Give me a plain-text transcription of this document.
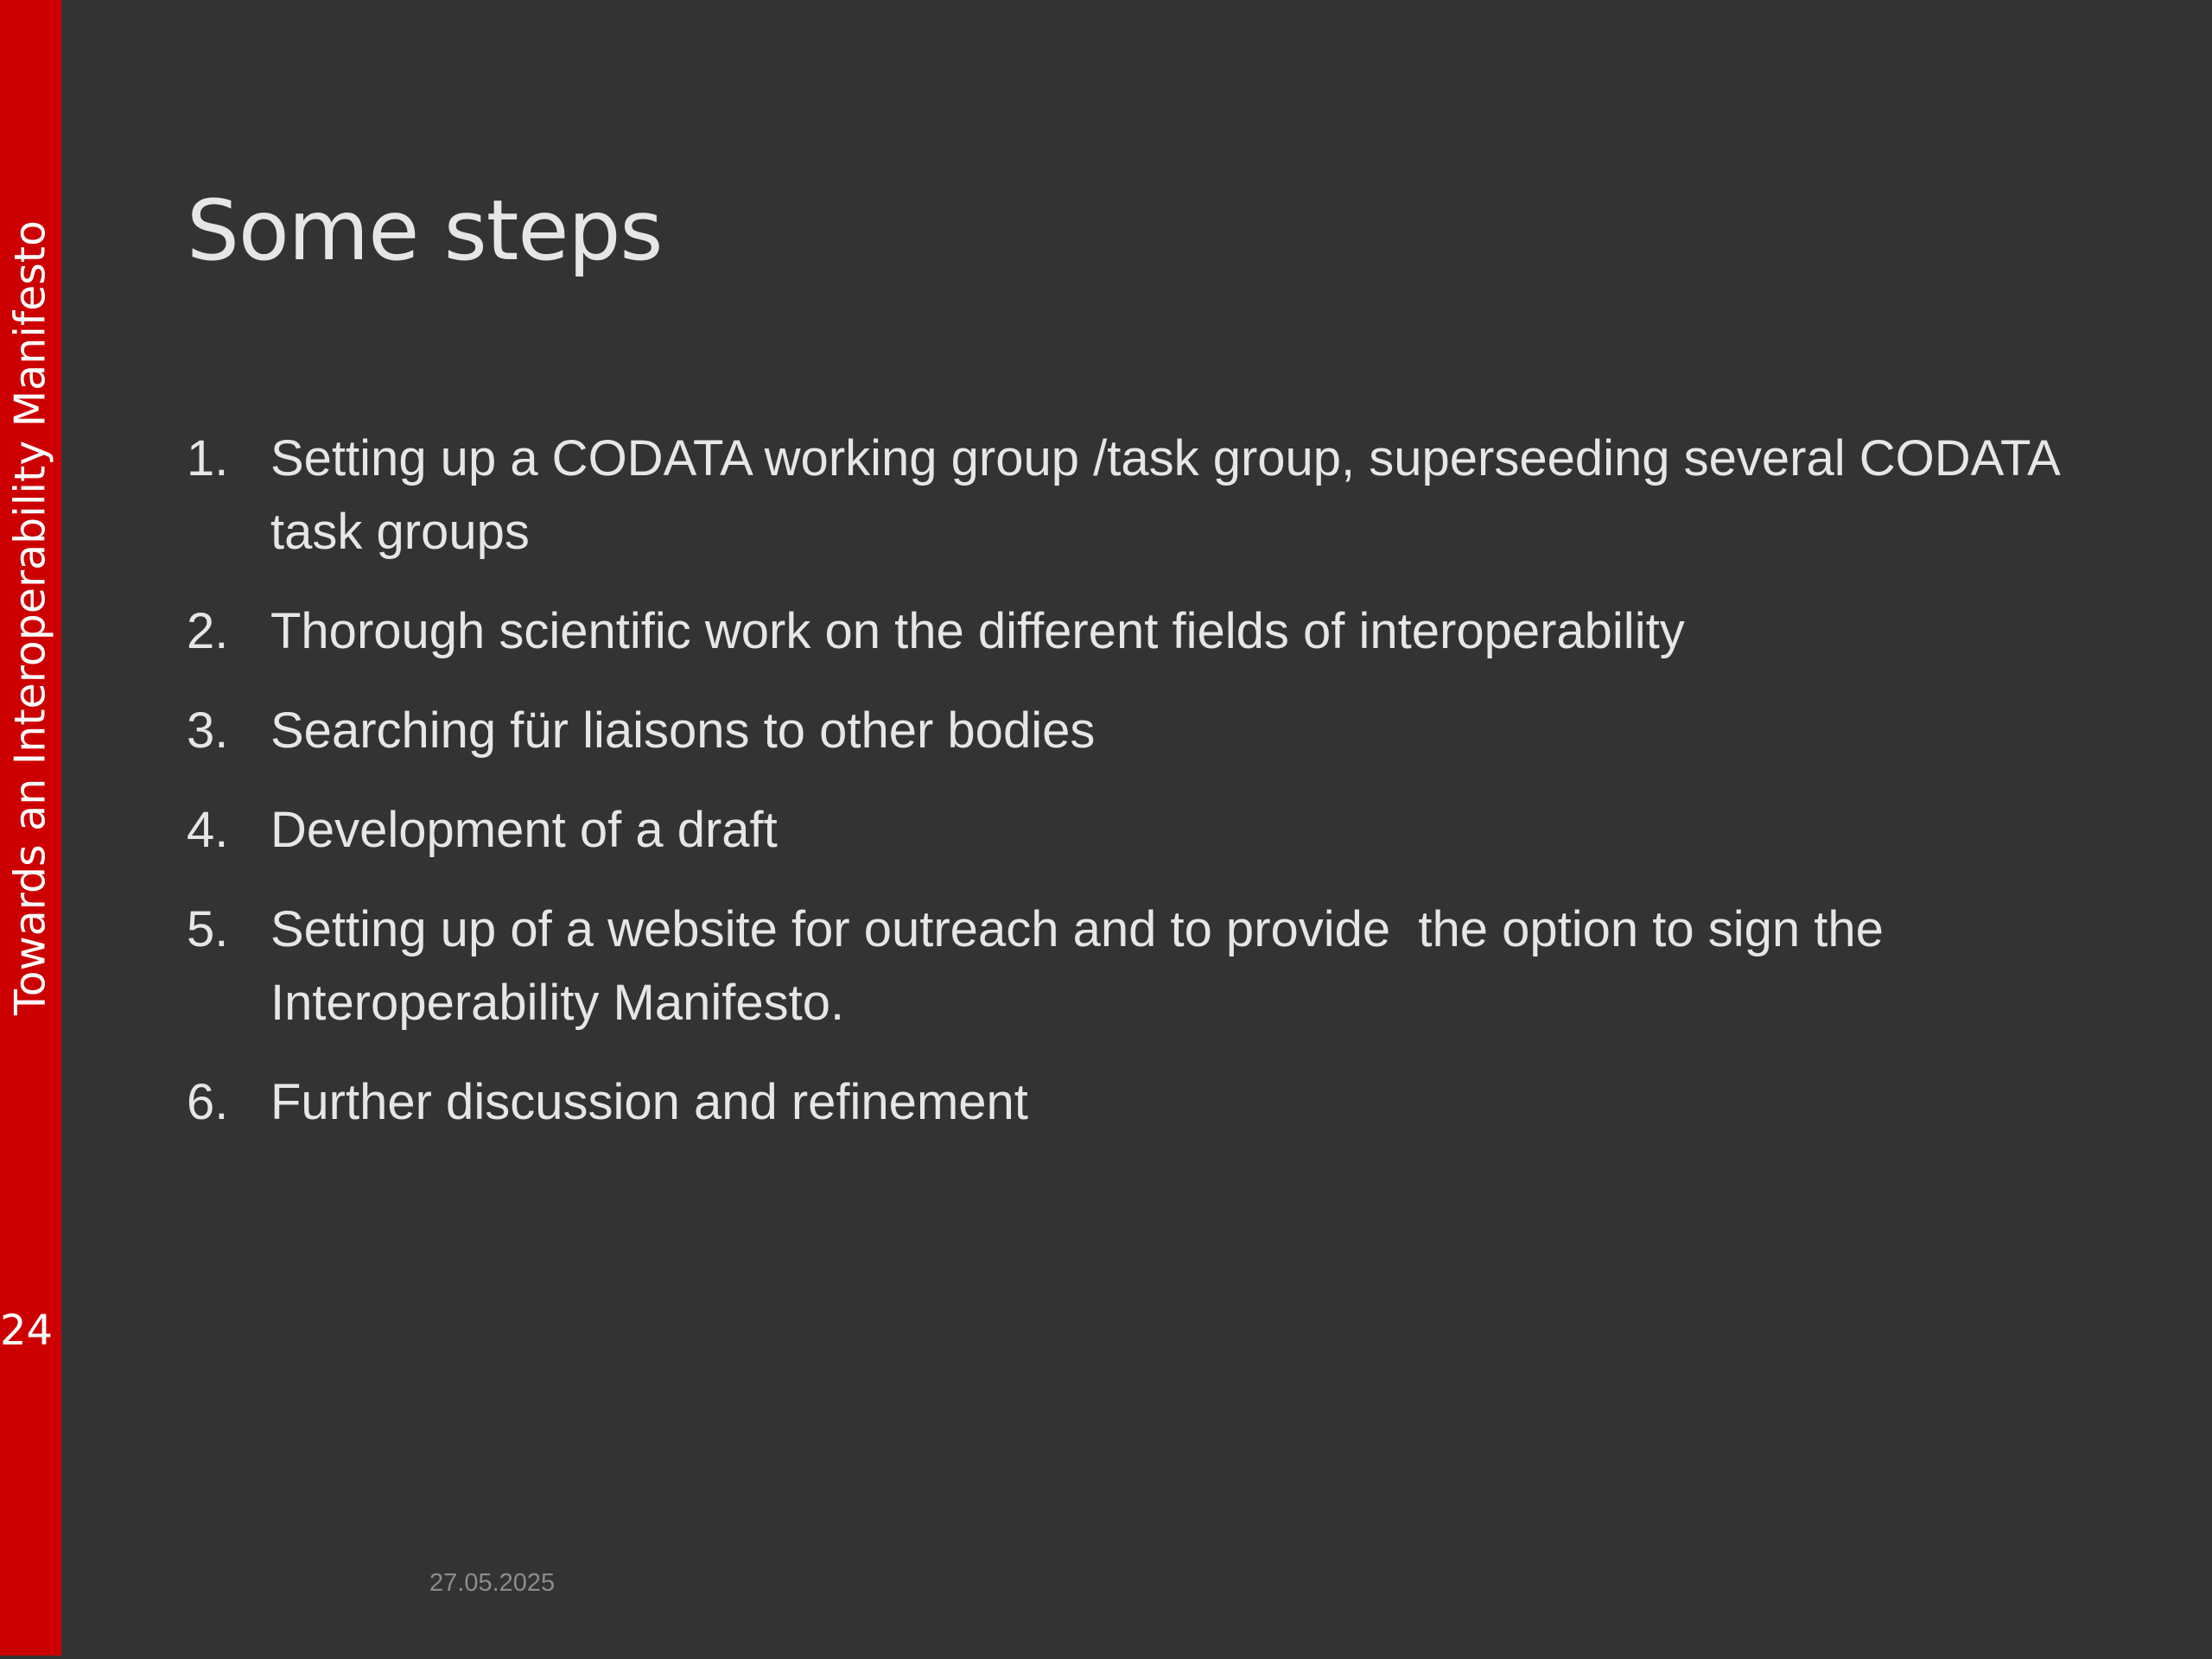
Towards an Interoperability Manifesto
24
Some steps
1. Setting up a CODATA working group /task group, superseeding several CODATA task groups
2. Thorough scientific work on the different fields of interoperability
3. Searching für liaisons to other bodies
4. Development of a draft
5. Setting up of a website for outreach and to provide  the option to sign the Interoperability Manifesto.
6. Further discussion and refinement
27.05.2025
